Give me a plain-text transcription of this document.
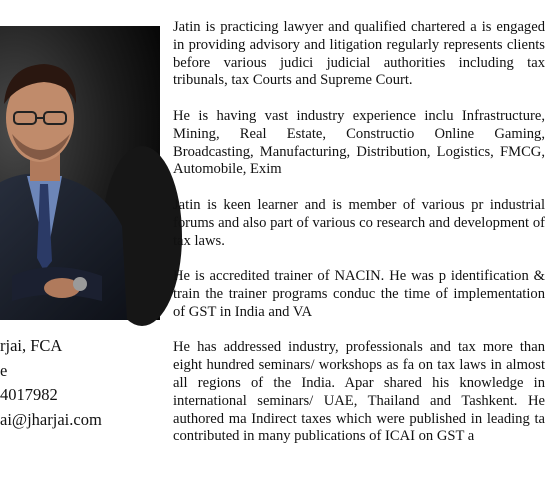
rjai, FCA
e
4017982
ai@jharjai.com

Jatin is practicing lawyer and qualified chartered a is engaged in providing advisory and litigation regularly represents clients before various judici judicial authorities including tax tribunals, tax Courts and Supreme Court.

He is having vast industry experience inclu Infrastructure, Mining, Real Estate, Constructio Online Gaming, Broadcasting, Manufacturing, Distribution, Logistics, FMCG, Automobile, Exim

Jatin is keen learner and is member of various pr industrial forums and also part of various co research and development of tax laws.

He is accredited trainer of NACIN. He was p identification & train the trainer programs conduc the time of implementation of GST in India and VA

He has addressed industry, professionals and tax more than eight hundred seminars/ workshops as fa on tax laws in almost all regions of the India. Apar shared his knowledge in international seminars/ UAE, Thailand and Tashkent. He authored ma Indirect taxes which were published in leading ta contributed in many publications of ICAI on GST a
